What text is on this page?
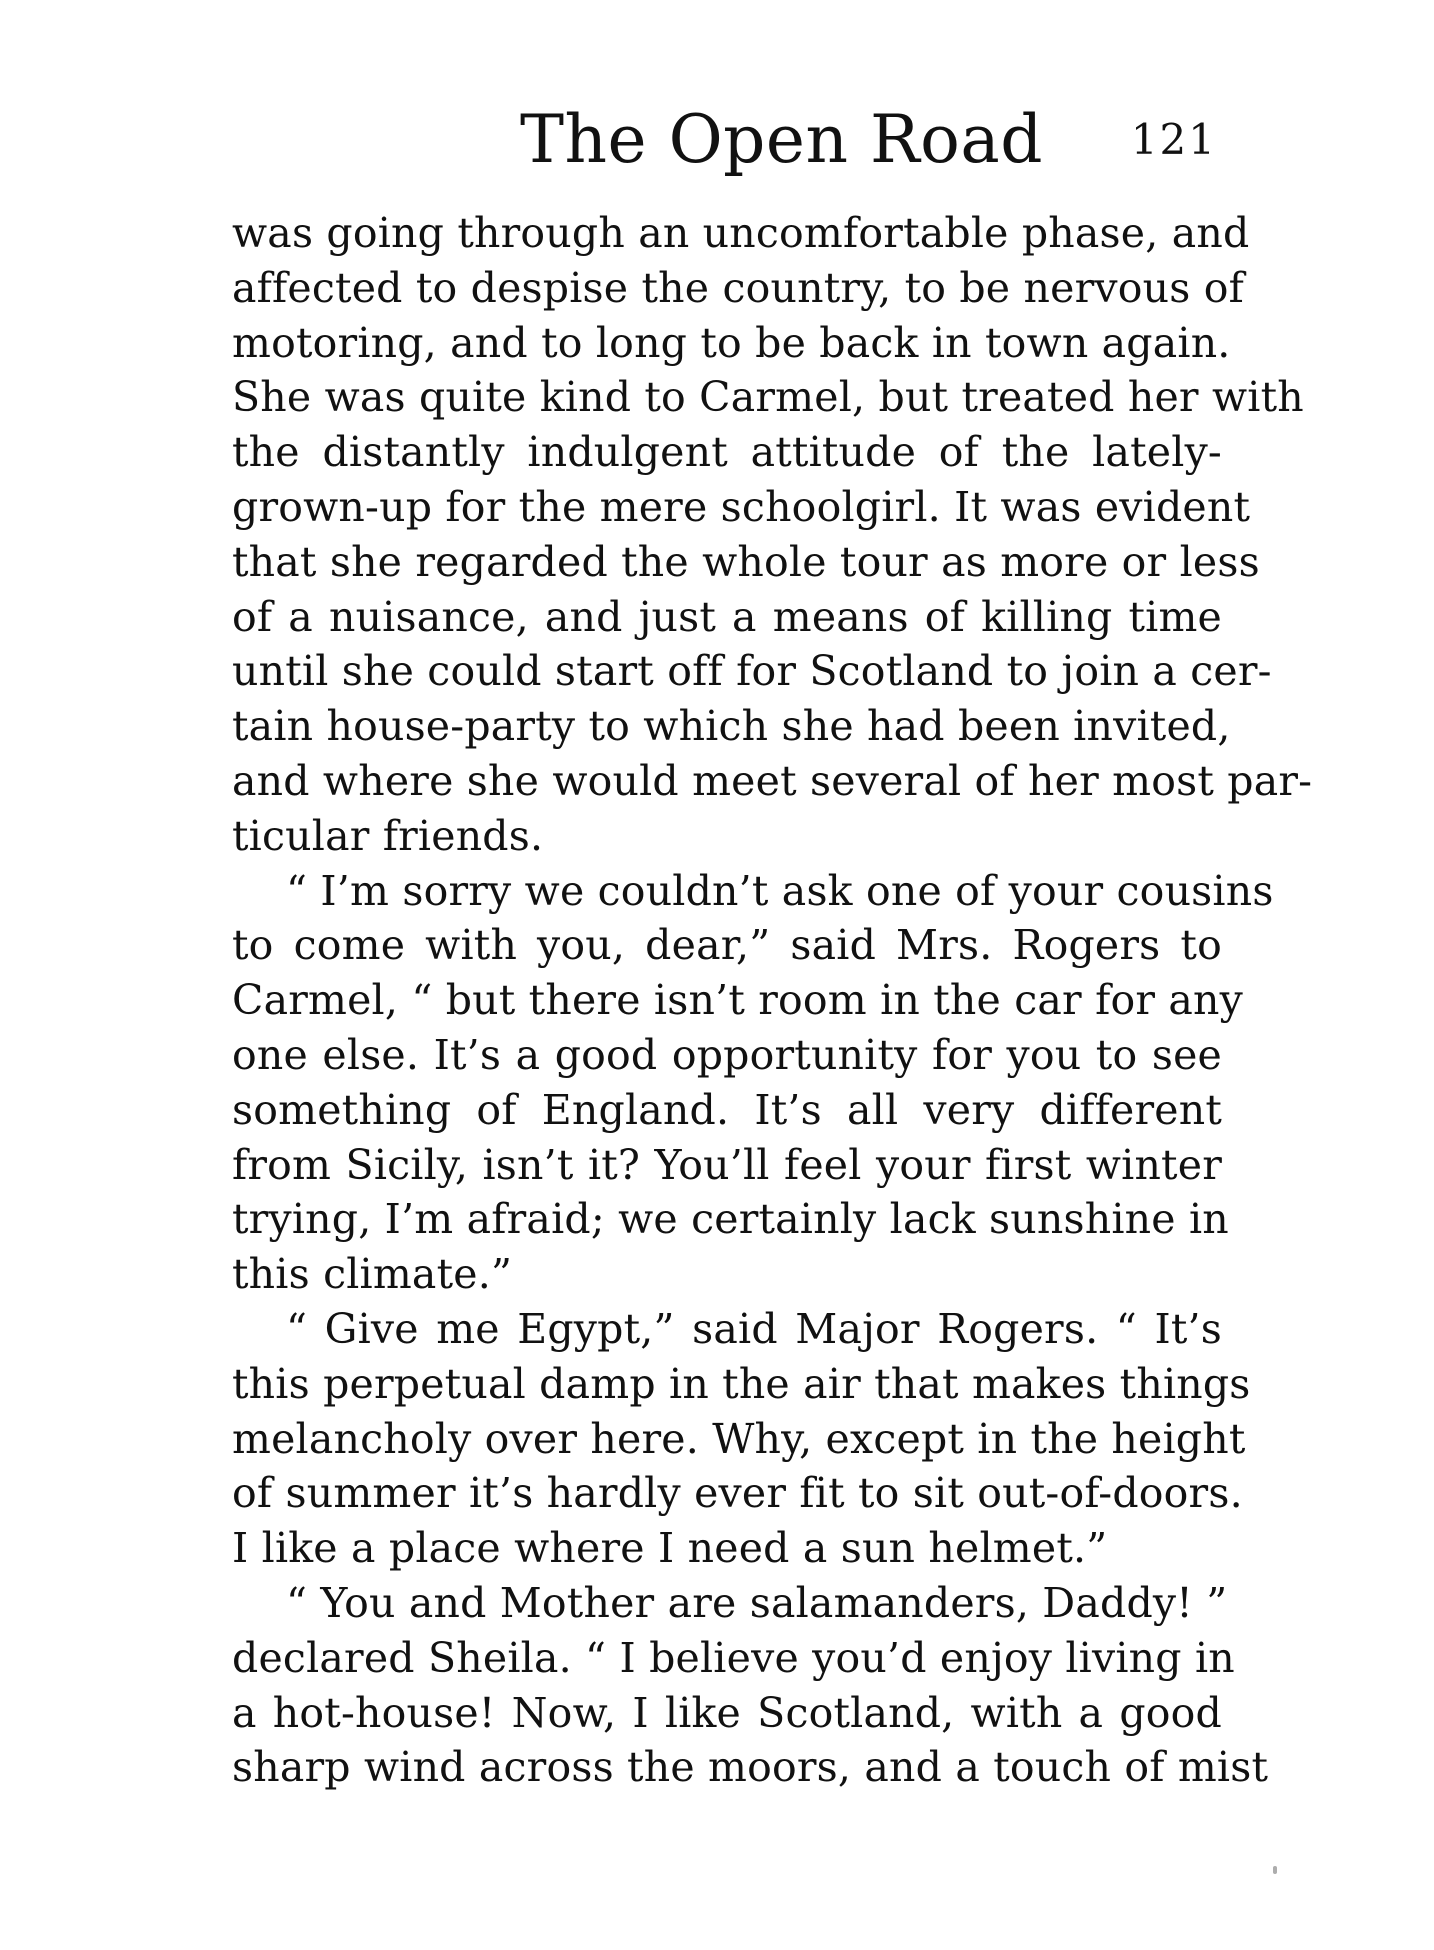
The Open Road 121
was going through an uncomfortable phase, and
affected to despise the country, to be nervous of
motoring, and to long to be back in town again.
She was quite kind to Carmel, but treated her with
the distantly indulgent attitude of the lately-
grown-up for the mere schoolgirl. It was evident
that she regarded the whole tour as more or less
of a nuisance, and just a means of killing time
until she could start off for Scotland to join a cer-
tain house-party to which she had been invited,
and where she would meet several of her most par-
ticular friends.
“ I’m sorry we couldn’t ask one of your cousins
to come with you, dear,” said Mrs. Rogers to
Carmel, “ but there isn’t room in the car for any
one else. It’s a good opportunity for you to see
something of England. It’s all very different
from Sicily, isn’t it? You’ll feel your first winter
trying, I’m afraid; we certainly lack sunshine in
this climate.”
“ Give me Egypt,” said Major Rogers. “ It’s
this perpetual damp in the air that makes things
melancholy over here. Why, except in the height
of summer it’s hardly ever fit to sit out-of-doors.
I like a place where I need a sun helmet.”
“ You and Mother are salamanders, Daddy! ”
declared Sheila. “ I believe you’d enjoy living in
a hot-house! Now, I like Scotland, with a good
sharp wind across the moors, and a touch of mist
